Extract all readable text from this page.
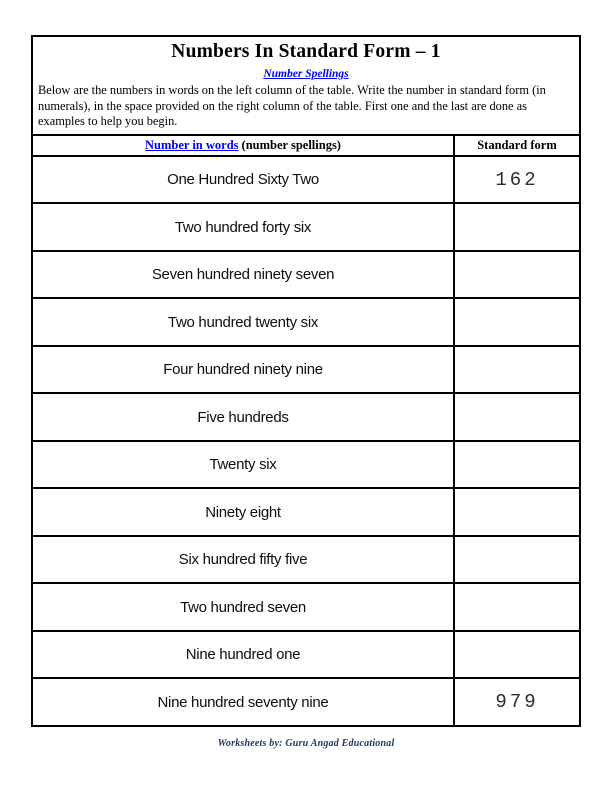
Numbers In Standard Form – 1
Number Spellings
Below are the numbers in words on the left column of the table. Write the number in standard form (in numerals), in the space provided on the right column of the table. First one and the last are done as examples to help you begin.
Number in words (number spellings)	Standard form
One Hundred Sixty Two	162
Two hundred forty six
Seven hundred ninety seven
Two hundred twenty six
Four hundred ninety nine
Five hundreds
Twenty six
Ninety eight
Six hundred fifty five
Two hundred seven
Nine hundred one
Nine hundred seventy nine	979
Worksheets by: Guru Angad Educational
